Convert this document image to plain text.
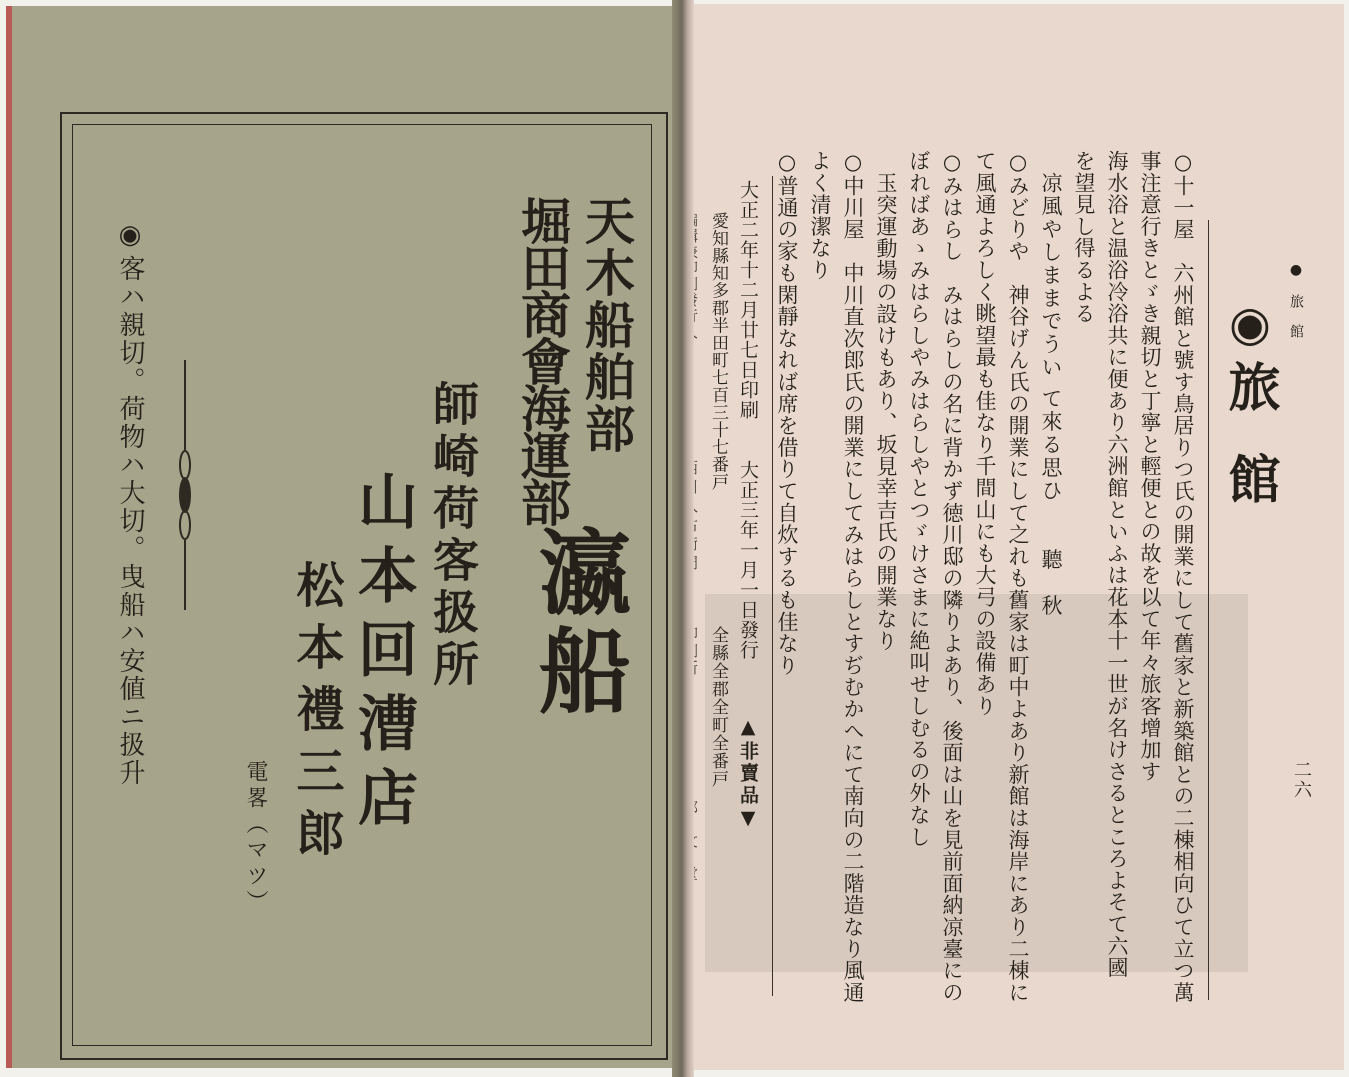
天木船舶部
堀田商會海運部
瀛船
師崎荷客扱所
山本回漕店
松本禮三郎
電畧（マツ）
◉
客ハ親切。荷物ハ大切。曳船ハ安値ニ扱升	●旅館
二六
◉
旅館
○十一屋　六州館と號す鳥居りつ氏の開業にして舊家と新築館との二棟相向ひて立つ萬
事注意行きとゞき親切と丁寧と輕便との故を以て年々旅客增加す
海水浴と温浴冷浴共に便あり六洲館といふは花本十一世が名けさるところよそて六國
を望見し得るよる
凉風やしままでうい て來る思ひ　　聽　秋
○みどりや　神谷げん氏の開業にして之れも舊家は町中よあり新館は海岸にあり二棟に
て風通よろしく眺望最も佳なり千間山にも大弓の設備あり
○みはらし　みはらしの名に背かず徳川邸の隣りよあり、後面は山を見前面納凉臺にの
ぼればあゝみはらしやみはらしやとつゞけさまに絶叫せしむるの外なし
玉突運動場の設けもあり、坂見幸吉氏の開業なり
○中川屋　中川直次郎氏の開業にしてみはらしとすぢむかへにて南向の二階造なり風通
よく清潔なり
○普通の家も閑靜なれば席を借りて自炊するも佳なり
大正二年十二月廿七日印刷
大正三年一月一日發行
▲非賣品▼
愛知縣知多郡半田町七百三十七番戸
全縣全郡全町全番戸
